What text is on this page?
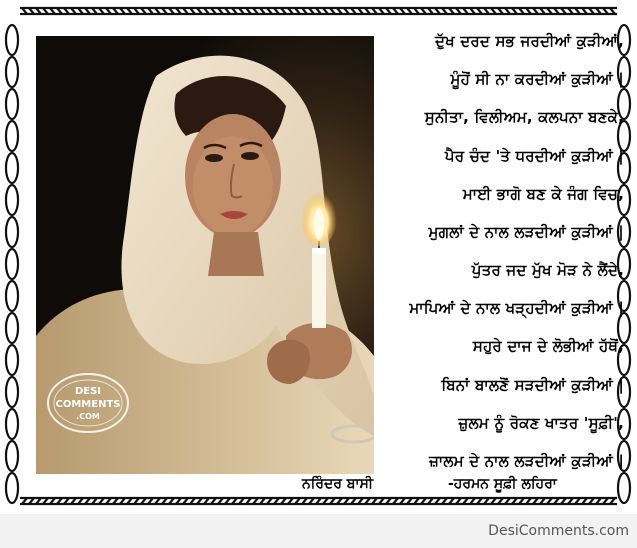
DESI
COMMENTS
.COM
ਦੁੱਖ ਦਰਦ ਸਭ ਜਰਦੀਆਂ ਕੁੜੀਆਂ,
ਮੂੰਹੋਂ ਸੀ ਨਾ ਕਰਦੀਆਂ ਕੁੜੀਆਂ |
ਸੁਨੀਤਾ, ਵਿਲੀਅਮ, ਕਲਪਨਾ ਬਣਕੇ,
ਪੈਰ ਚੰਦ 'ਤੇ ਧਰਦੀਆਂ ਕੁੜੀਆਂ |
ਮਾਈ ਭਾਗੋ ਬਣ ਕੇ ਜੰਗ ਵਿਚ,
ਮੁਗਲਾਂ ਦੇ ਨਾਲ ਲੜਦੀਆਂ ਕੁੜੀਆਂ |
ਪੁੱਤਰ ਜਦ ਮੁੱਖ ਮੋੜ ਨੇ ਲੈਂਦੇ,
ਮਾਪਿਆਂ ਦੇ ਨਾਲ ਖੜ੍ਹਦੀਆਂ ਕੁੜੀਆਂ |
ਸਹੁਰੇ ਦਾਜ ਦੇ ਲੋਭੀਆਂ ਹੱਥੋਂ,
ਬਿਨਾਂ ਬਾਲਣੋਂ ਸੜਦੀਆਂ ਕੁੜੀਆਂ |
ਜ਼ੁਲਮ ਨੂੰ ਰੋਕਣ ਖਾਤਰ 'ਸੂਫ਼ੀ',
ਜ਼ਾਲਮ ਦੇ ਨਾਲ ਲੜਦੀਆਂ ਕੁੜੀਆਂ |
ਨਰਿੰਦਰ ਬਾਸੀ	-ਹਰਮਨ ਸੂਫ਼ੀ ਲਹਿਰਾ
DesiComments.com
